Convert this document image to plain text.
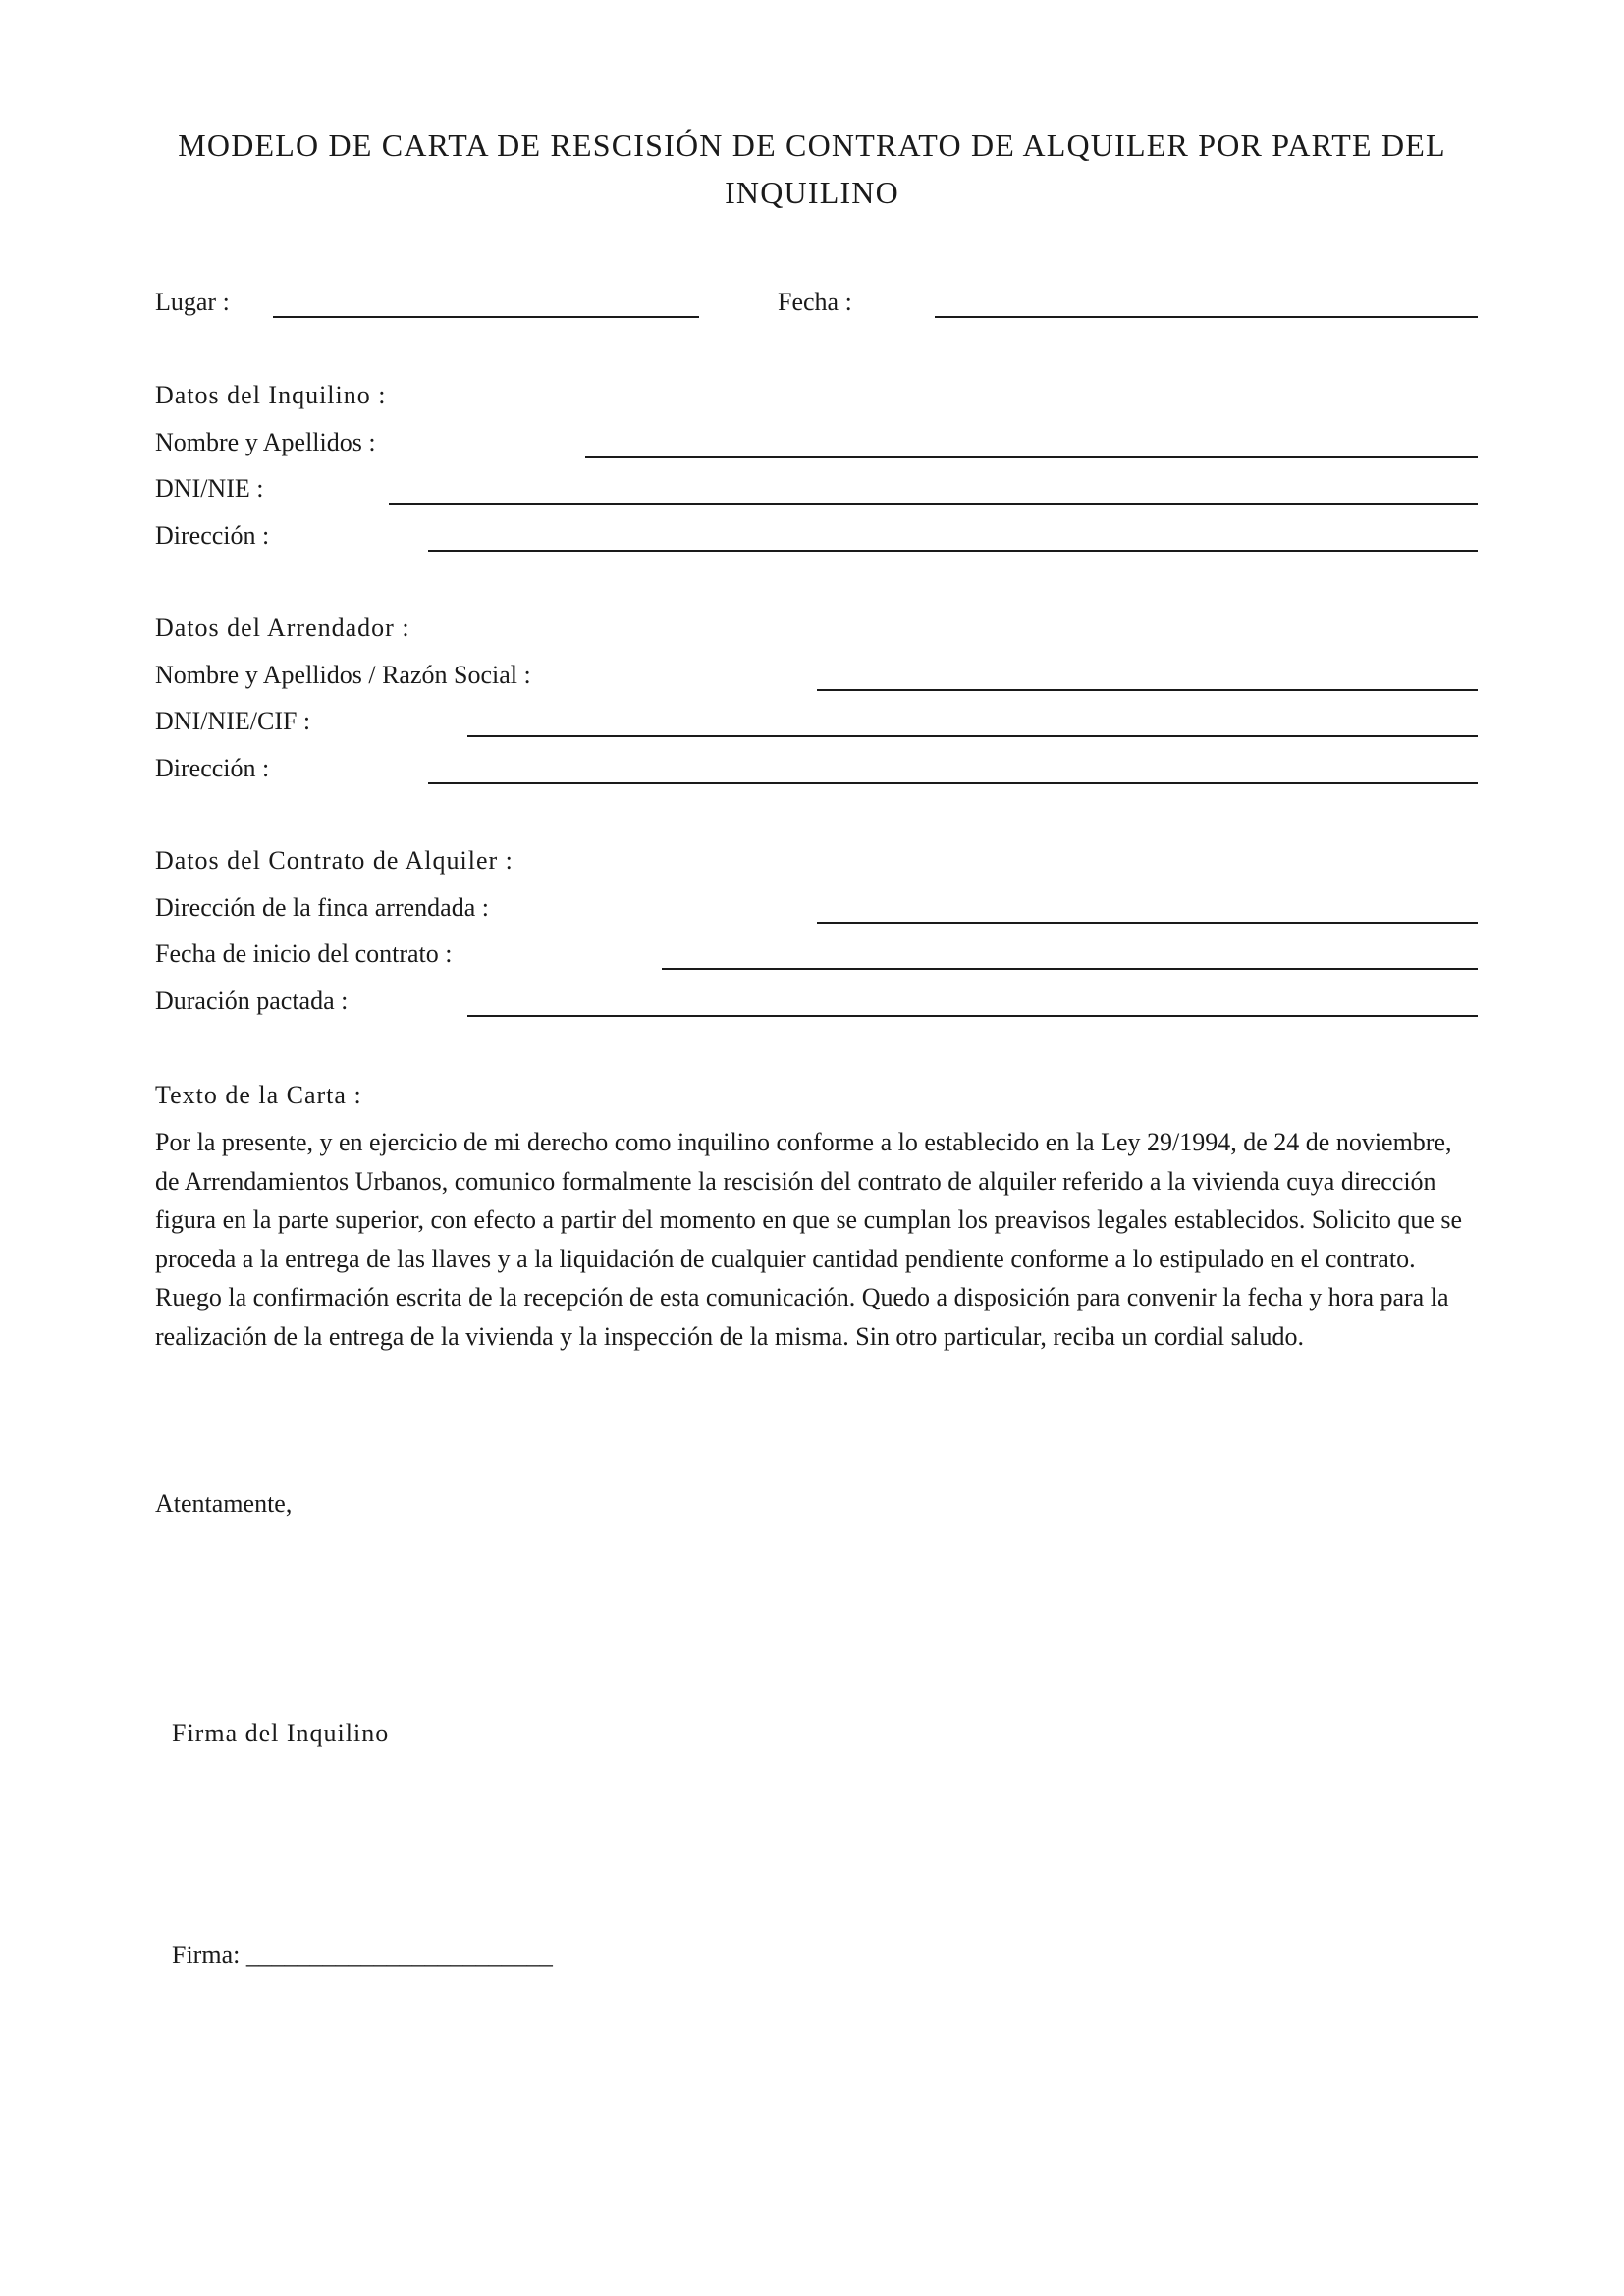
MODELO DE CARTA DE RESCISIÓN DE CONTRATO DE ALQUILER POR PARTE DEL INQUILINO
Lugar :	Fecha :
Datos del Inquilino :
Nombre y Apellidos :
DNI/NIE :
Dirección :
Datos del Arrendador :
Nombre y Apellidos / Razón Social :
DNI/NIE/CIF :
Dirección :
Datos del Contrato de Alquiler :
Dirección de la finca arrendada :
Fecha de inicio del contrato :
Duración pactada :
Texto de la Carta :

Por la presente, y en ejercicio de mi derecho como inquilino conforme a lo establecido en la Ley 29/1994, de 24 de noviembre, de Arrendamientos Urbanos, comunico formalmente la rescisión del contrato de alquiler referido a la vivienda cuya dirección figura en la parte superior, con efecto a partir del momento en que se cumplan los preavisos legales establecidos. Solicito que se proceda a la entrega de las llaves y a la liquidación de cualquier cantidad pendiente conforme a lo estipulado en el contrato. Ruego la confirmación escrita de la recepción de esta comunicación. Quedo a disposición para convenir la fecha y hora para la realización de la entrega de la vivienda y la inspección de la misma. Sin otro particular, reciba un cordial saludo.

Atentamente,
Firma del Inquilino
Firma: ________________________
